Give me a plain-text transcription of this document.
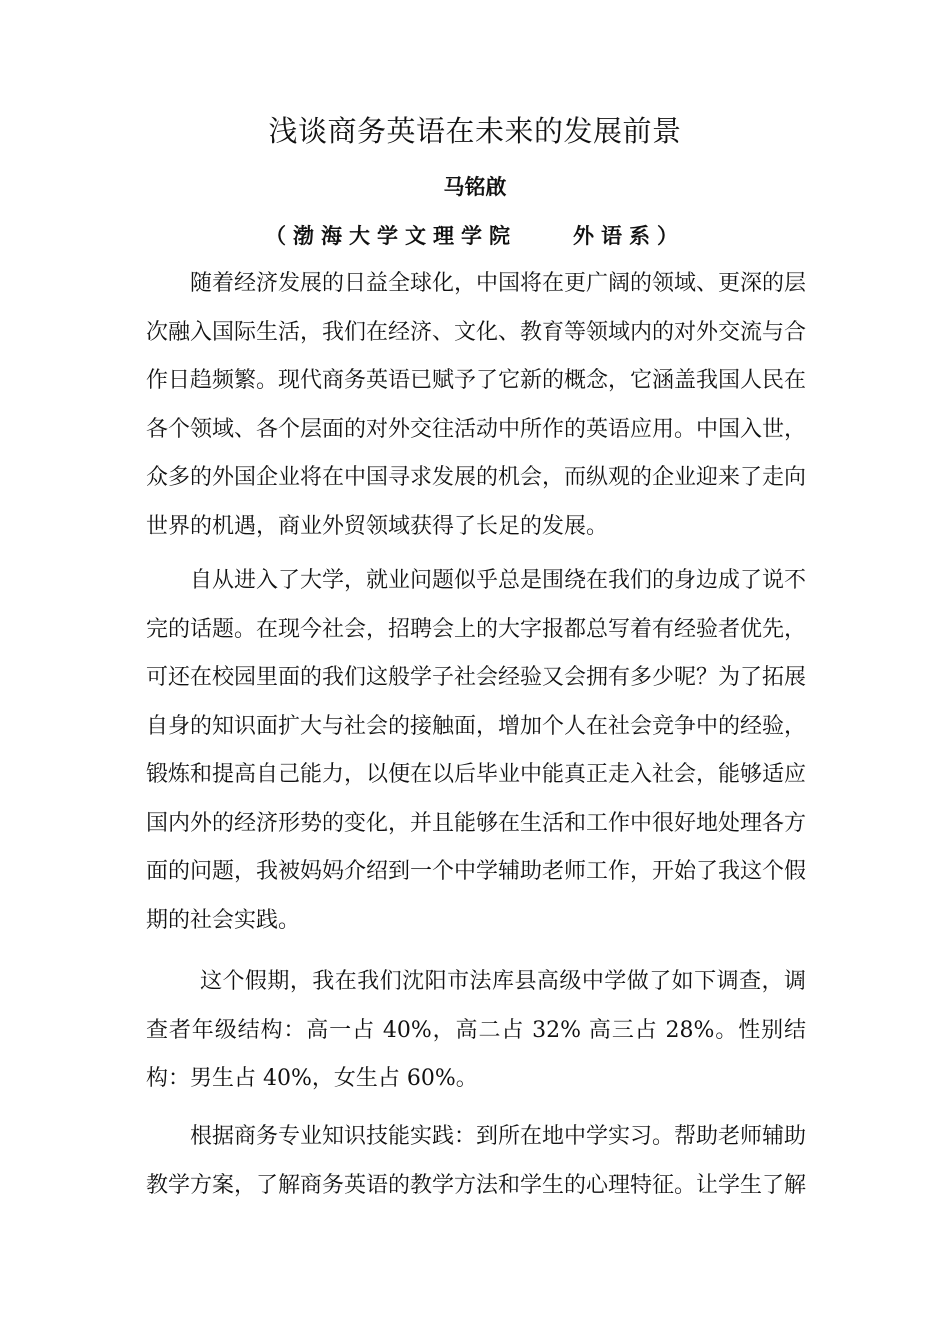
浅谈商务英语在未来的发展前景
马铭啟
（渤海大学文理学院　　外语系）

随着经济发展的日益全球化，中国将在更广阔的领域、更深的层次融入国际生活，我们在经济、文化、教育等领域内的对外交流与合作日趋频繁。现代商务英语已赋予了它新的概念，它涵盖我国人民在各个领域、各个层面的对外交往活动中所作的英语应用。中国入世，众多的外国企业将在中国寻求发展的机会，而纵观的企业迎来了走向世界的机遇，商业外贸领域获得了长足的发展。

自从进入了大学，就业问题似乎总是围绕在我们的身边成了说不完的话题。在现今社会，招聘会上的大字报都总写着有经验者优先，可还在校园里面的我们这般学子社会经验又会拥有多少呢？为了拓展自身的知识面扩大与社会的接触面，增加个人在社会竞争中的经验，锻炼和提高自己能力，以便在以后毕业中能真正走入社会，能够适应国内外的经济形势的变化，并且能够在生活和工作中很好地处理各方面的问题，我被妈妈介绍到一个中学辅助老师工作，开始了我这个假期的社会实践。

这个假期，我在我们沈阳市法库县高级中学做了如下调查，调查者年级结构：高一占 40%，高二占 32% 高三占 28%。性别结构：男生占 40%，女生占 60%。

根据商务专业知识技能实践：到所在地中学实习。帮助老师辅助教学方案，了解商务英语的教学方法和学生的心理特征。让学生了解
